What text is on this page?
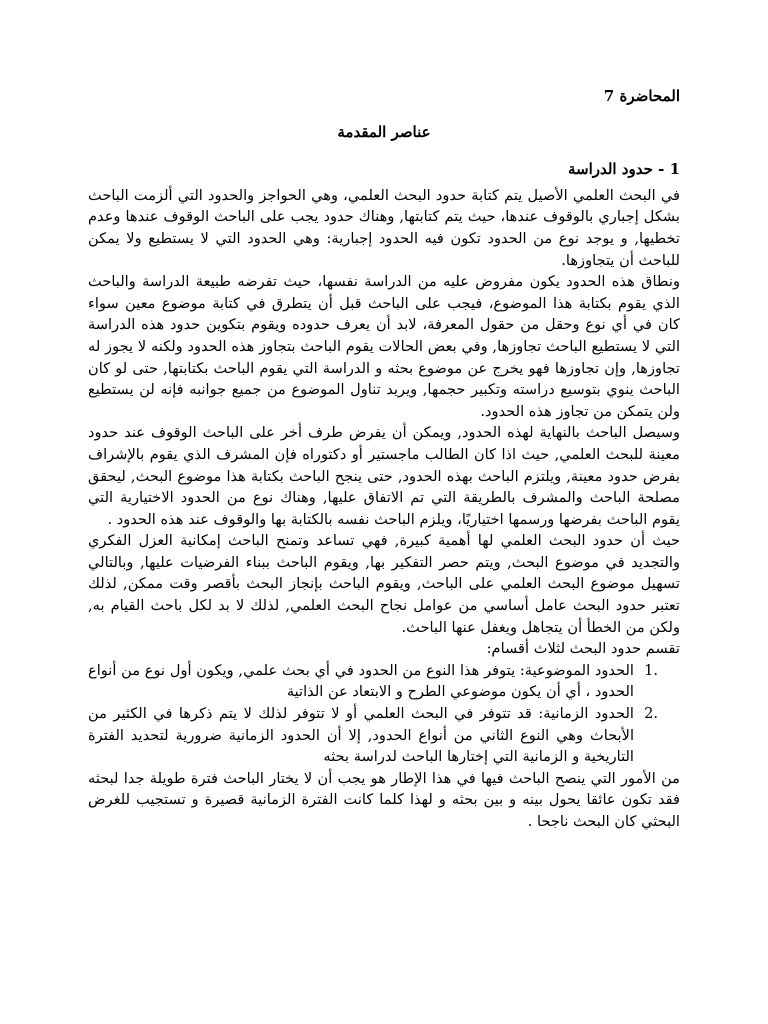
المحاضرة 7
عناصر المقدمة
1 - حدود الدراسة

في البحث العلمي الأصيل يتم كتابة حدود البحث العلمي، وهي الحواجز والحدود التي ألزمت الباحث بشكل إجباري بالوقوف عندها، حيث يتم كتابتها, وهناك حدود يجب على الباحث الوقوف عندها وعدم تخطيها, و يوجد نوع من الحدود تكون فيه الحدود إجبارية: وهي الحدود التي لا يستطيع ولا يمكن للباحث أن يتجاوزها.

ونطاق هذه الحدود يكون مفروض عليه من الدراسة نفسها، حيث تفرضه طبيعة الدراسة والباحث الذي يقوم بكتابة هذا الموضوع، فيجب على الباحث قبل أن يتطرق في كتابة موضوع معين سواء كان في أي نوع وحقل من حقول المعرفة، لابد أن يعرف حدوده ويقوم بتكوين حدود هذه الدراسة التي لا يستطيع الباحث تجاوزها, وفي بعض الحالات يقوم الباحث بتجاوز هذه الحدود ولكنه لا يجوز له تجاوزها, وإن تجاوزها فهو يخرج عن موضوع بحثه و الدراسة التي يقوم الباحث بكتابتها, حتى لو كان الباحث ينوي بتوسيع دراسته وتكبير حجمها, ويريد تناول الموضوع من جميع جوانبه فإنه لن يستطيع ولن يتمكن من تجاوز هذه الحدود.

وسيصل الباحث بالنهاية لهذه الحدود, ويمكن أن يفرض طرف أخر على الباحث الوقوف عند حدود معينة للبحث العلمي, حيث اذا كان الطالب ماجستير أو دكتوراه فإن المشرف الذي يقوم بالإشراف بفرض حدود معينة, ويلتزم الباحث بهذه الحدود, حتى ينجح الباحث بكتابة هذا موضوع البحث, ليحقق مصلحة الباحث والمشرف بالطريقة التي تم الاتفاق عليها, وهناك نوع من الحدود الاختيارية التي يقوم الباحث بفرضها ورسمها اختياريًا، ويلزم الباحث نفسه بالكتابة بها والوقوف عند هذه الحدود .

حيث أن حدود البحث العلمي لها أهمية كبيرة, فهي تساعد وتمنح الباحث إمكانية العزل الفكري والتجديد في موضوع البحث, ويتم حصر التفكير بها, ويقوم الباحث ببناء الفرضيات عليها, وبالتالي تسهيل موضوع البحث العلمي على الباحث, ويقوم الباحث بإنجاز البحث بأقصر وقت ممكن, لذلك تعتبر حدود البحث عامل أساسي من عوامل نجاح البحث العلمي, لذلك لا بد لكل باحث القيام به, ولكن من الخطأ أن يتجاهل ويغفل عنها الباحث.

تقسم حدود البحث لثلاث أقسام:

1.
الحدود الموضوعية: يتوفر هذا النوع من الحدود في أي بحث علمي, ويكون أول نوع من أنواع الحدود ، أي أن يكون موضوعي الطرح و الابتعاد عن الذاتية
2.
الحدود الزمانية: قد تتوفر في البحث العلمي أو لا تتوفر لذلك لا يتم ذكرها في الكثير من الأبحاث وهي النوع الثاني من أنواع الحدود, إلا أن الحدود الزمانية ضرورية لتحديد الفترة التاريخية و الزمانية التي إختارها الباحث لدراسة بحثه

من الأمور التي ينصح الباحث فيها في هذا الإطار هو يجب أن لا يختار الباحث فترة طويلة جدا لبحثه فقد تكون عائقا يحول بينه و بين بحثه و لهذا كلما كانت الفترة الزمانية قصيرة و تستجيب للغرض البحثي كان البحث ناجحا .
